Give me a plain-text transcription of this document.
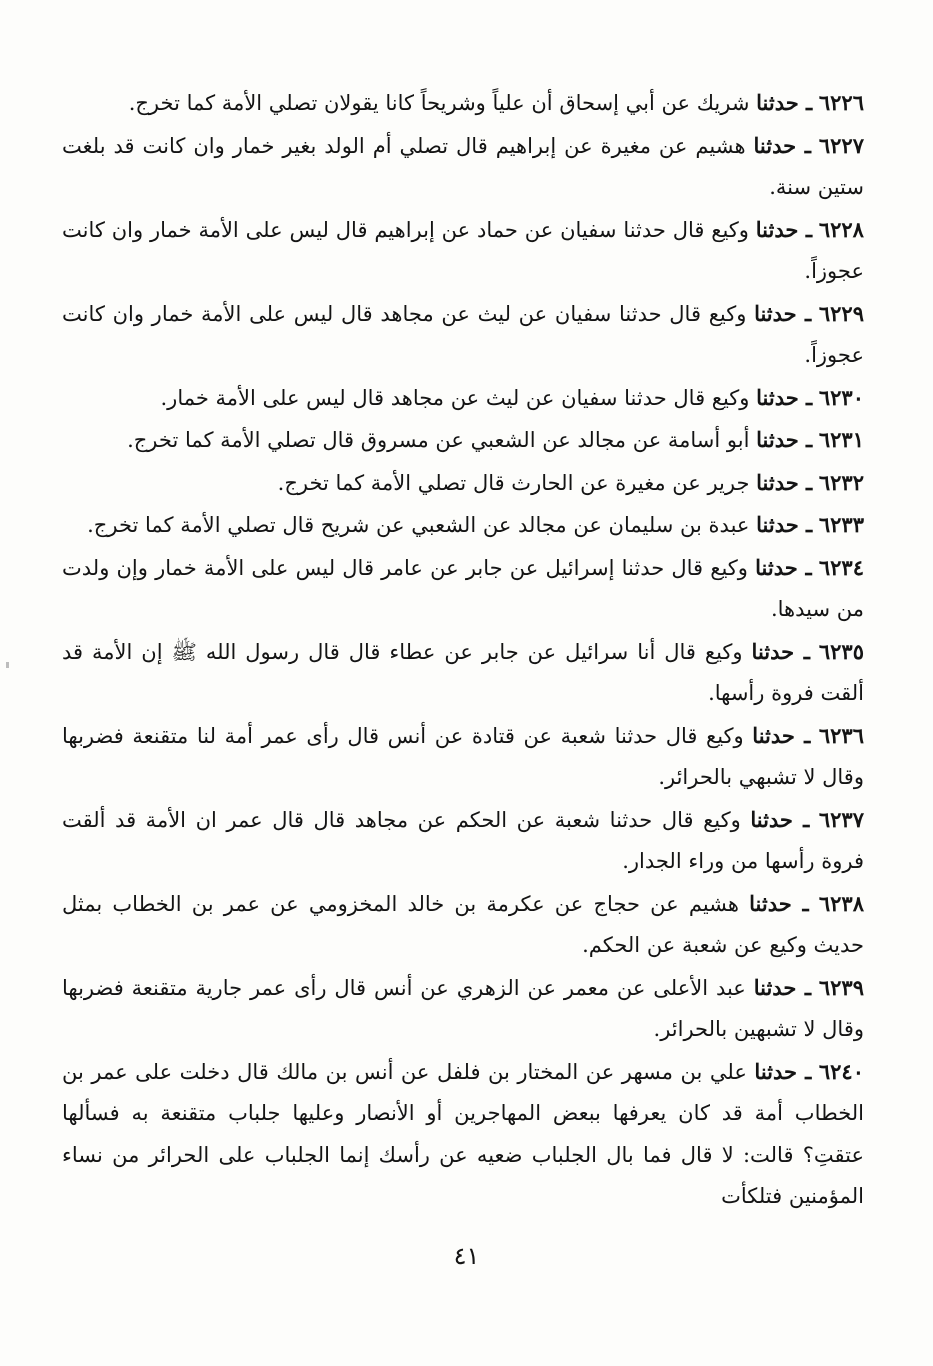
٦٢٢٦ ـ حدثنا شريك عن أبي إسحاق أن علياً وشريحاً كانا يقولان تصلي الأمة كما تخرج.

٦٢٢٧ ـ حدثنا هشيم عن مغيرة عن إبراهيم قال تصلي أم الولد بغير خمار وان كانت قد بلغت ستين سنة.

٦٢٢٨ ـ حدثنا وكيع قال حدثنا سفيان عن حماد عن إبراهيم قال ليس على الأمة خمار وان كانت عجوزاً.

٦٢٢٩ ـ حدثنا وكيع قال حدثنا سفيان عن ليث عن مجاهد قال ليس على الأمة خمار وان كانت عجوزاً.

٦٢٣٠ ـ حدثنا وكيع قال حدثنا سفيان عن ليث عن مجاهد قال ليس على الأمة خمار.

٦٢٣١ ـ حدثنا أبو أسامة عن مجالد عن الشعبي عن مسروق قال تصلي الأمة كما تخرج.

٦٢٣٢ ـ حدثنا جرير عن مغيرة عن الحارث قال تصلي الأمة كما تخرج.

٦٢٣٣ ـ حدثنا عبدة بن سليمان عن مجالد عن الشعبي عن شريح قال تصلي الأمة كما تخرج.

٦٢٣٤ ـ حدثنا وكيع قال حدثنا إسرائيل عن جابر عن عامر قال ليس على الأمة خمار وإن ولدت من سيدها.

٦٢٣٥ ـ حدثنا وكيع قال أنا سرائيل عن جابر عن عطاء قال قال رسول الله ﷺ إن الأمة قد ألقت فروة رأسها.

٦٢٣٦ ـ حدثنا وكيع قال حدثنا شعبة عن قتادة عن أنس قال رأى عمر أمة لنا متقنعة فضربها وقال لا تشبهي بالحرائر.

٦٢٣٧ ـ حدثنا وكيع قال حدثنا شعبة عن الحكم عن مجاهد قال قال عمر ان الأمة قد ألقت فروة رأسها من وراء الجدار.

٦٢٣٨ ـ حدثنا هشيم عن حجاج عن عكرمة بن خالد المخزومي عن عمر بن الخطاب بمثل حديث وكيع عن شعبة عن الحكم.

٦٢٣٩ ـ حدثنا عبد الأعلى عن معمر عن الزهري عن أنس قال رأى عمر جارية متقنعة فضربها وقال لا تشبهين بالحرائر.

٦٢٤٠ ـ حدثنا علي بن مسهر عن المختار بن فلفل عن أنس بن مالك قال دخلت على عمر بن الخطاب أمة قد كان يعرفها ببعض المهاجرين أو الأنصار وعليها جلباب متقنعة به فسألها عتقتِ؟ قالت: لا قال فما بال الجلباب ضعيه عن رأسك إنما الجلباب على الحرائر من نساء المؤمنين فتلكأت

٤١
